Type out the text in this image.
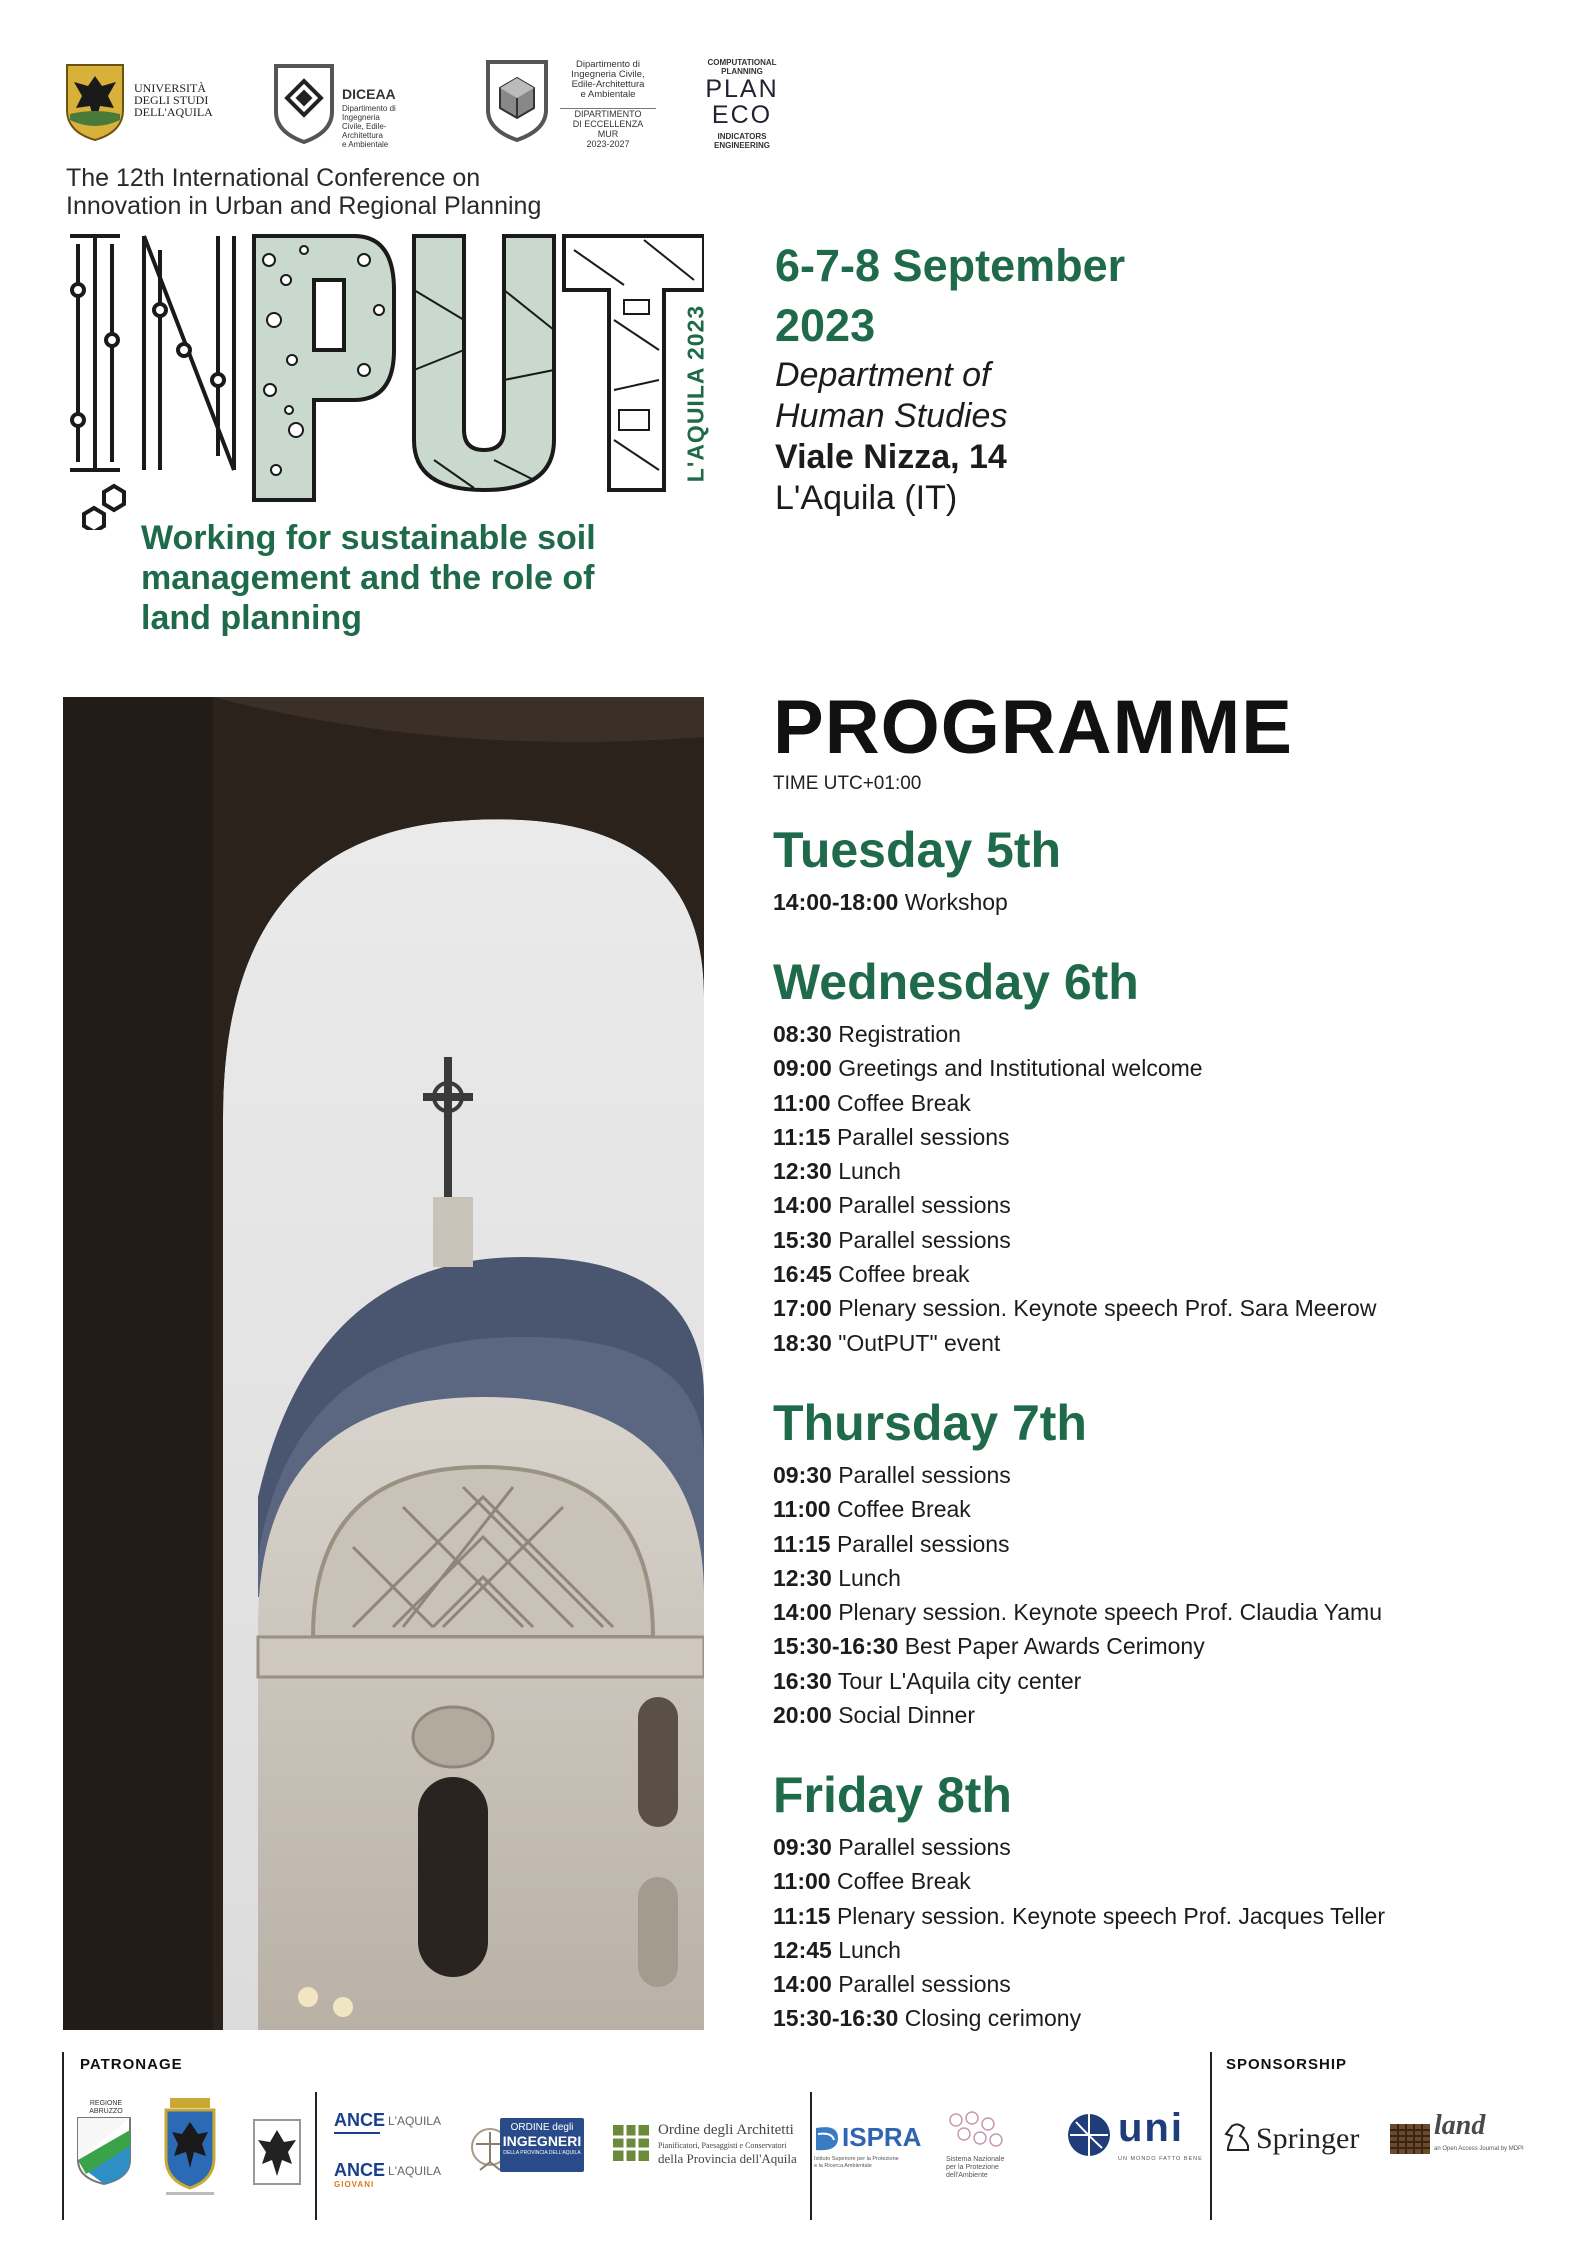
UNIVERSITÀ
DEGLI STUDI
DELL'AQUILA
DICEAA
Dipartimento di Ingegneria
Civile, Edile-Architettura
e Ambientale
Dipartimento di
Ingegneria Civile,
Edile-Architettura
e Ambientale
DIPARTIMENTO
DI ECCELLENZA
MUR
2023-2027
COMPUTATIONAL
PLANNING
PLAN
ECO
INDICATORS
ENGINEERING
The 12th International Conference on
Innovation in Urban and Regional Planning
L'AQUILA 2023
Working for sustainable soil
management and the role of
land planning
6-7-8 September
2023
Department of
Human Studies
Viale Nizza, 14
L'Aquila (IT)
PROGRAMME
TIME UTC+01:00
Tuesday 5th
14:00-18:00 Workshop
Wednesday 6th
08:30 Registration
09:00 Greetings and Institutional welcome
11:00 Coffee Break
11:15 Parallel sessions
12:30 Lunch
14:00 Parallel sessions
15:30 Parallel sessions
16:45 Coffee break
17:00 Plenary session. Keynote speech Prof. Sara Meerow
18:30 "OutPUT" event
Thursday 7th
09:30 Parallel sessions
11:00 Coffee Break
11:15 Parallel sessions
12:30 Lunch
14:00 Plenary session. Keynote speech Prof. Claudia Yamu
15:30-16:30 Best Paper Awards Cerimony
16:30 Tour L'Aquila city center
20:00 Social Dinner
Friday 8th
09:30 Parallel sessions
11:00 Coffee Break
11:15 Plenary session. Keynote speech Prof. Jacques Teller
12:45 Lunch
14:00 Parallel sessions
15:30-16:30 Closing cerimony
PATRONAGE	SPONSORSHIP
REGIONE
ABRUZZO	ANCE L'AQUILA
ANCE
GIOVANI
L'AQUILA
ORDINE degli
INGEGNERI
DELLA PROVINCIA DELL'AQUILA
Ordine degli Architetti
Pianificatori, Paesaggisti e Conservatori
della Provincia dell'Aquila
ISPRA
Istituto Superiore per la Protezione
e la Ricerca Ambientale
Sistema Nazionale
per la Protezione
dell'Ambiente
uni
UN MONDO FATTO BENE
Springer	land
an Open Access Journal by MDPI
